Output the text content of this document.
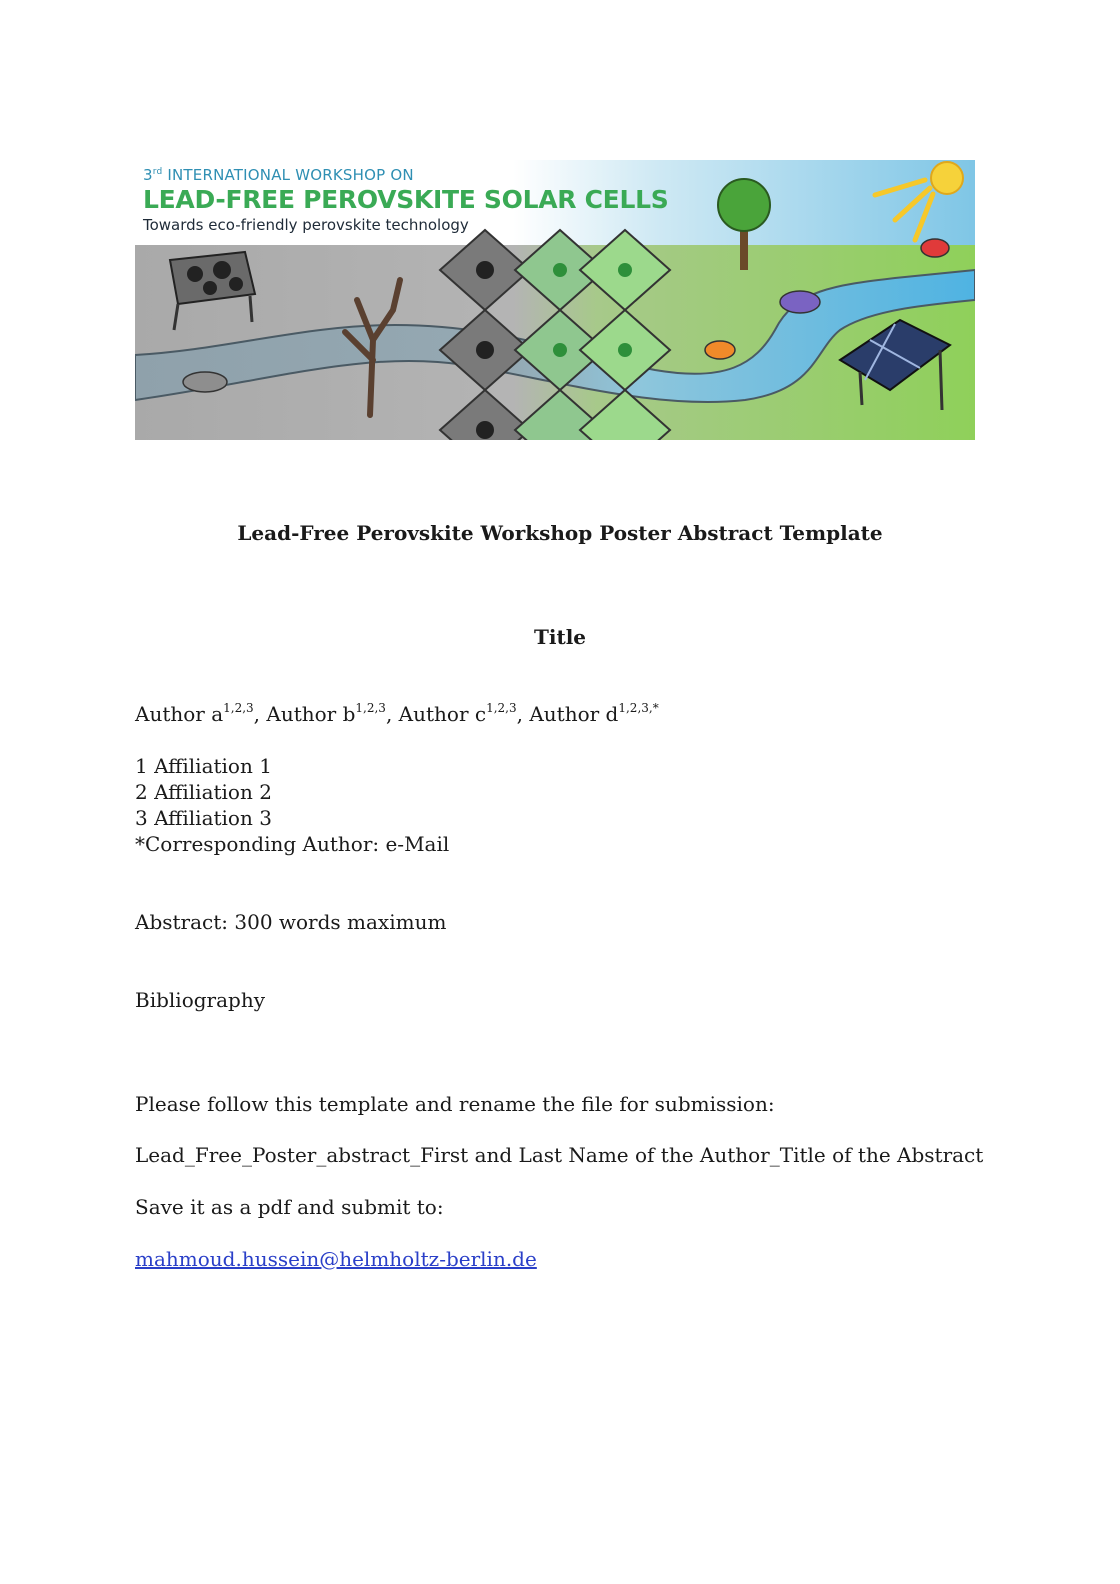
3rd INTERNATIONAL WORKSHOP ON
LEAD-FREE PEROVSKITE SOLAR CELLS
Towards eco-friendly perovskite technology
Lead-Free Perovskite Workshop Poster Abstract Template
Title
Author $a^{1,2,3}$, Author $b^{1,2,3}$, Author $c^{1,2,3}$, Author $d^{1,2,3,*}$
1 Affiliation 1
2 Affiliation 2
3 Affiliation 3
*Corresponding Author: e-Mail
Abstract: 300 words maximum
Bibliography
Please follow this template and rename the file for submission:
Lead_Free_Poster_abstract_First and Last Name of the Author_Title of the Abstract
Save it as a pdf and submit to:
mahmoud.hussein@helmholtz-berlin.de
